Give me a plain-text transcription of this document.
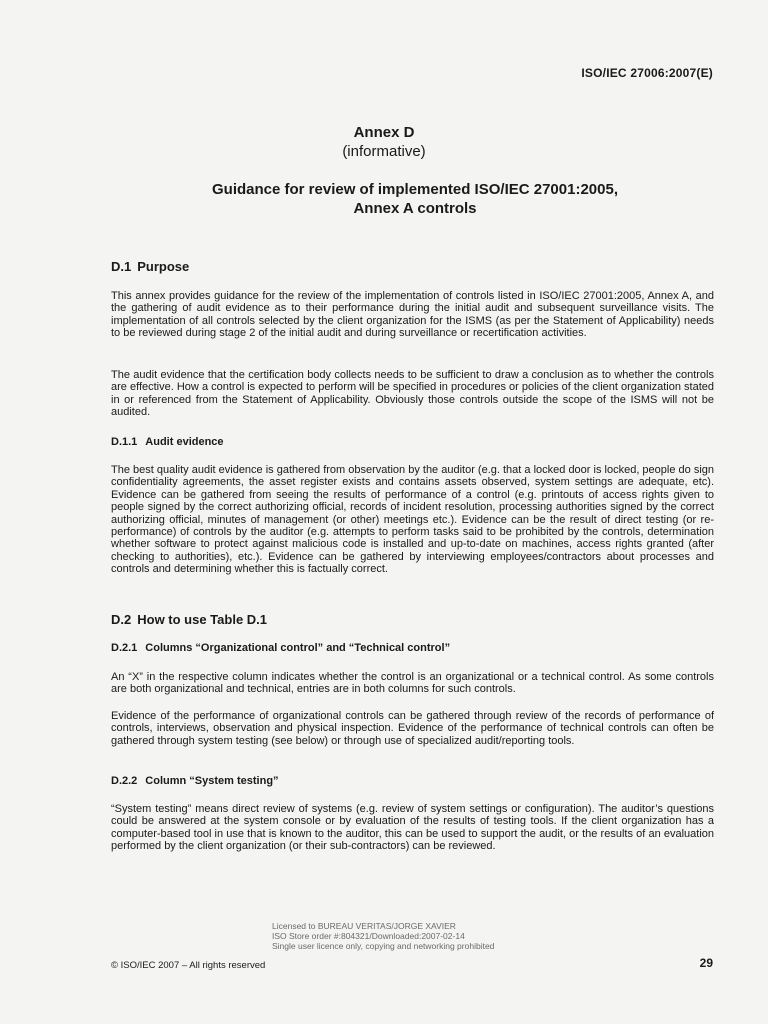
ISO/IEC 27006:2007(E)
Annex D
(informative)
Guidance for review of implemented ISO/IEC 27001:2005,
Annex A controls
D.1 Purpose

This annex provides guidance for the review of the implementation of controls listed in ISO/IEC 27001:2005, Annex A, and the gathering of audit evidence as to their performance during the initial audit and subsequent surveillance visits. The implementation of all controls selected by the client organization for the ISMS (as per the Statement of Applicability) needs to be reviewed during stage 2 of the initial audit and during surveillance or recertification activities.

The audit evidence that the certification body collects needs to be sufficient to draw a conclusion as to whether the controls are effective. How a control is expected to perform will be specified in procedures or policies of the client organization stated in or referenced from the Statement of Applicability. Obviously those controls outside the scope of the ISMS will not be audited.

D.1.1 Audit evidence

The best quality audit evidence is gathered from observation by the auditor (e.g. that a locked door is locked, people do sign confidentiality agreements, the asset register exists and contains assets observed, system settings are adequate, etc). Evidence can be gathered from seeing the results of performance of a control (e.g. printouts of access rights given to people signed by the correct authorizing official, records of incident resolution, processing authorities signed by the correct authorizing official, minutes of management (or other) meetings etc.). Evidence can be the result of direct testing (or re-performance) of controls by the auditor (e.g. attempts to perform tasks said to be prohibited by the controls, determination whether software to protect against malicious code is installed and up-to-date on machines, access rights granted (after checking to authorities), etc.). Evidence can be gathered by interviewing employees/contractors about processes and controls and determining whether this is factually correct.

D.2 How to use Table D.1
D.2.1 Columns “Organizational control” and “Technical control”

An “X” in the respective column indicates whether the control is an organizational or a technical control. As some controls are both organizational and technical, entries are in both columns for such controls.

Evidence of the performance of organizational controls can be gathered through review of the records of performance of controls, interviews, observation and physical inspection. Evidence of the performance of technical controls can often be gathered through system testing (see below) or through use of specialized audit/reporting tools.

D.2.2 Column “System testing”

“System testing” means direct review of systems (e.g. review of system settings or configuration). The auditor’s questions could be answered at the system console or by evaluation of the results of testing tools. If the client organization has a computer-based tool in use that is known to the auditor, this can be used to support the audit, or the results of an evaluation performed by the client organization (or their sub-contractors) can be reviewed.

Licensed to BUREAU VERITAS/JORGE XAVIER
ISO Store order #:804321/Downloaded:2007-02-14
Single user licence only, copying and networking prohibited
© ISO/IEC 2007 – All rights reserved	29
